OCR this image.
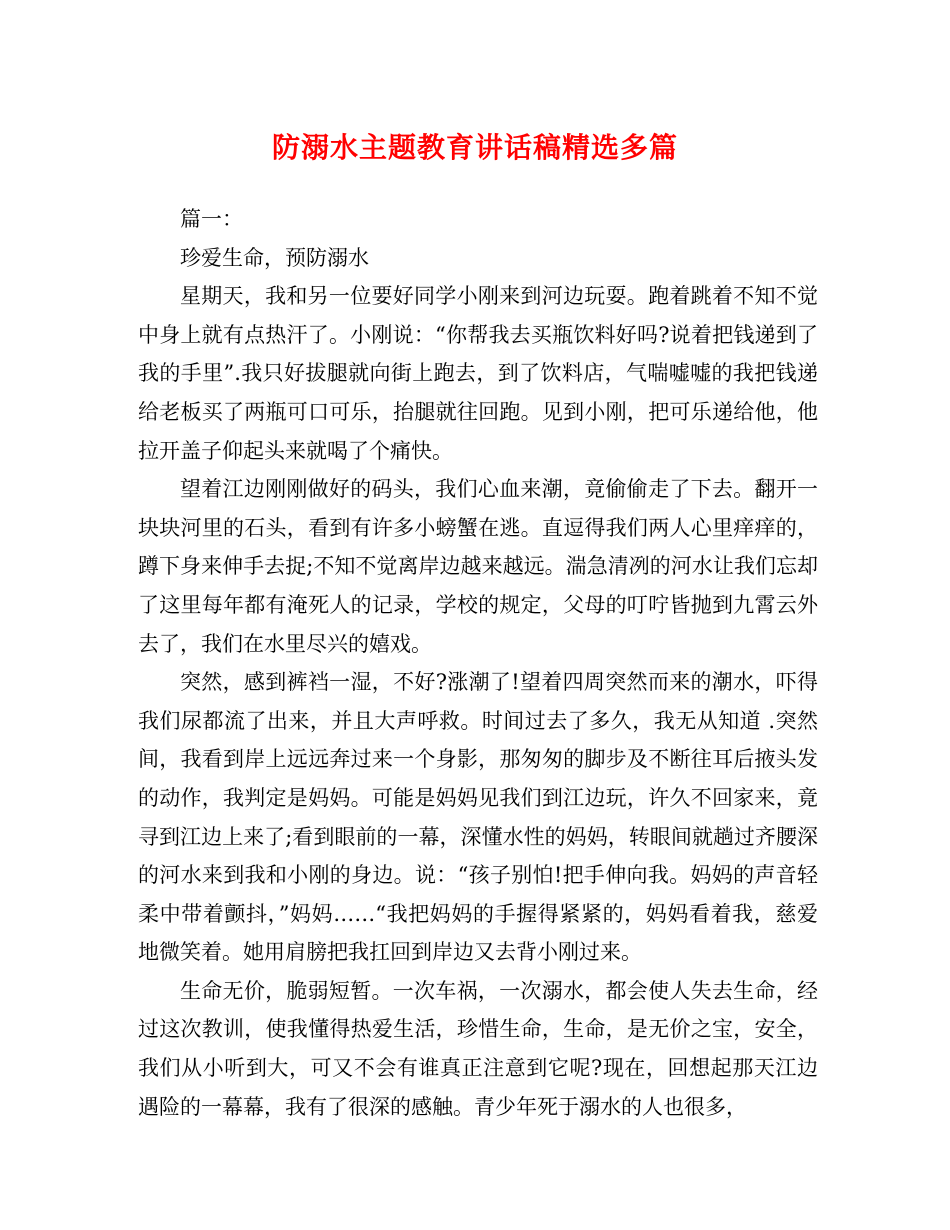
防溺水主题教育讲话稿精选多篇

篇一：

珍爱生命，预防溺水

星期天，我和另一位要好同学小刚来到河边玩耍。跑着跳着不知不觉中身上就有点热汗了。小刚说：“你帮我去买瓶饮料好吗?说着把钱递到了我的手里”.我只好拔腿就向街上跑去，到了饮料店，气喘嘘嘘的我把钱递给老板买了两瓶可口可乐，抬腿就往回跑。见到小刚，把可乐递给他，他拉开盖子仰起头来就喝了个痛快。

望着江边刚刚做好的码头，我们心血来潮，竟偷偷走了下去。翻开一块块河里的石头，看到有许多小螃蟹在逃。直逗得我们两人心里痒痒的，蹲下身来伸手去捉;不知不觉离岸边越来越远。湍急清冽的河水让我们忘却了这里每年都有淹死人的记录，学校的规定，父母的叮咛皆抛到九霄云外去了，我们在水里尽兴的嬉戏。

突然，感到裤裆一湿，不好?涨潮了!望着四周突然而来的潮水，吓得我们尿都流了出来，并且大声呼救。时间过去了多久，我无从知道 .突然间，我看到岸上远远奔过来一个身影，那匆匆的脚步及不断往耳后掖头发的动作，我判定是妈妈。可能是妈妈见我们到江边玩，许久不回家来，竟寻到江边上来了;看到眼前的一幕，深懂水性的妈妈，转眼间就趟过齐腰深的河水来到我和小刚的身边。说：“孩子别怕!把手伸向我。妈妈的声音轻柔中带着颤抖，”妈妈……“我把妈妈的手握得紧紧的，妈妈看着我，慈爱地微笑着。她用肩膀把我扛回到岸边又去背小刚过来。

生命无价，脆弱短暂。一次车祸，一次溺水，都会使人失去生命，经过这次教训，使我懂得热爱生活，珍惜生命，生命，是无价之宝，安全，我们从小听到大，可又不会有谁真正注意到它呢?现在，回想起那天江边遇险的一幕幕，我有了很深的感触。青少年死于溺水的人也很多，
